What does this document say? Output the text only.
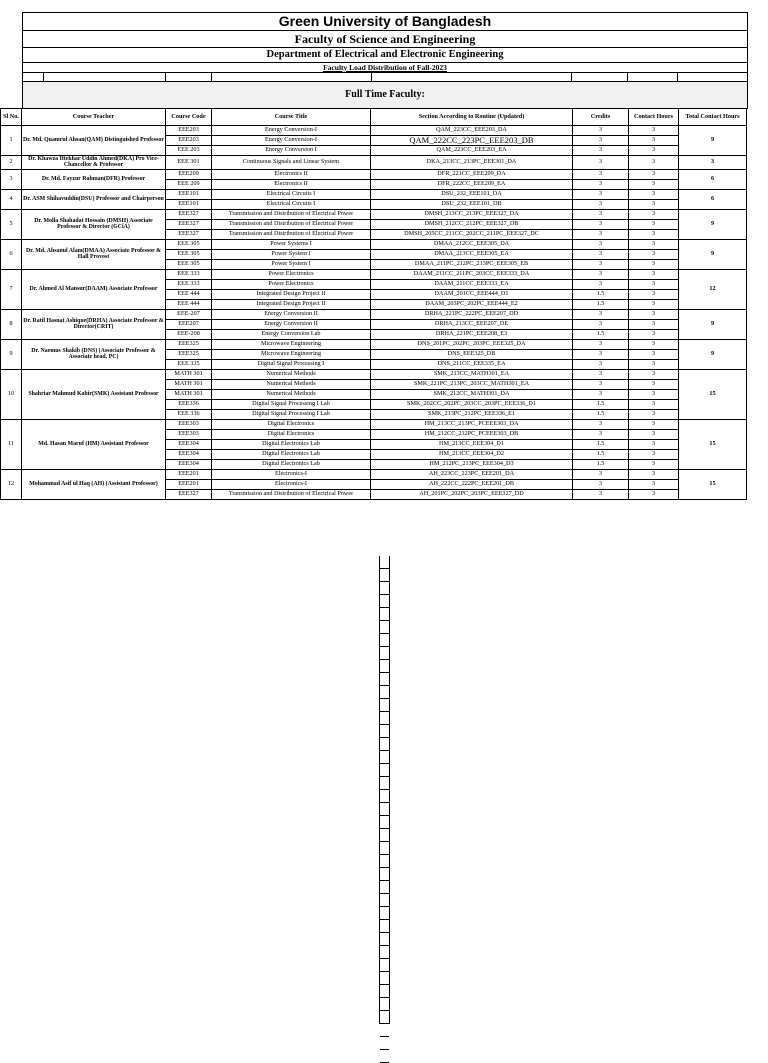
Green University of Bangladesh
Faculty of Science and Engineering
Department of Electrical and Electronic Engineering
Faculty Load Distribution of Fall-2023
Full Time Faculty:
Sl No.	Course Teacher	Course Code	Course Title	Section According to Routine (Updated)	Credits	Contact Hours	Total Contact Hours
1	Dr. Md. Quamrul Ahsan(QAM) Distinguished Professor	EEE203	Energy Conversion-I	QAM_223CC_EEE203_DA	3	3	9
		EEE203	Energy Conversion-I	QAM_222CC_223PC_EEE203_DB	3	3	
		EEE 203	Energy Conversion I	QAM_223CC_EEE203_EA	3	3	
2	Dr. Khawza Iftekhar Uddin Ahmed(DKA) Pro Vice-Chancellor & Professor	EEE 301	Continuous Signals and Linear System	DKA_213CC_213PC_EEE301_DA	3	3	3
3	Dr. Md. Fayzur Rahman(DFR) Professor	EEE209	Electronics II	DFR_221CC_EEE209_DA	3	3	6
		EEE 209	Electronics II	DFR_222CC_EEE209_EA	3	3	
4	Dr. ASM Shihavuddin(DSU) Professor and Chairperson	EEE101	Electrical Circuits I	DSU_232_EEE101_DA	3	3	6
		EEE101	Electrical Circuits I	DSU_232_EEE101_DB	3	3	
5	Dr. Molla Shahadat Hossain (DMSH) Associate Professor & Director (GCiA)	EEE327	Transmission and Distribution of Electrical Power	DMSH_213CC_213PC_EEE327_DA	3	3	9
		EEE327	Transmission and Distribution of Electrical Power	DMSH_212CC_212PC_EEE327_DB	3	3	
		EEE327	Transmission and Distribution of Electrical Power	DMSH_205CC_211CC_202CC_211PC_EEE327_DC	3	3	
6	Dr. Md. Ahsanul Alam(DMAA) Associate Professor & Hall Provost	EEE 305	Power Systems I	DMAA_212CC_EEE305_DA	3	3	9
		EEE 305	Power System I	DMAA_213CC_EEE305_EA	3	3	
		EEE 305	Power System I	DMAA_211PC_212PC_213PC_EEE305_EB	3	3	
7	Dr. Ahmed Al Mansur(DAAM) Associate Professor	EEE 333	Power Electronics	DAAM_211CC_211PC_203CC_EEE333_DA	3	3	12
		EEE 333	Power Electronics	DAAM_211CC_EEE333_EA	3	3	
		EEE 444	Integrated Design Project II	DAAM_201CC_EEE444_D1	1.5	3	
		EEE 444	Integrated Design Project II	DAAM_203PC_202PC_EEE444_E2	1.5	3	
8	Dr. Ratil Hasnat Ashique(DRHA) Associate Professor & Director(CRIT)	EEE-207	Energy Conversion II	DRHA_221PC_222PC_EEE207_DD	3	3	9
		EEE207	Energy Conversion II	DRHA_213CC_EEE207_DE	3	3	
		EEE-208	Energy Conversion Lab	DRHA_221PC_EEE208_E3	1.5	3	
9	Dr. Naemus Shakib (DNS) (Associate Professor & Associate head, PC)	EEE325	Microwave Engineering	DNS_201PC_202PC_203PC_EEE325_DA	3	3	9
		EEE325	Microwave Engineering	DNS_EEE325_DB	3	3	
		EEE 335	Digital Signal Processing I	DNS_211CC_EEE335_EA	3	3	
10	Shahriar Mahmud Kabir(SMK) Assistant Professor	MATH 301	Numerical Methods	SMK_213CC_MATH301_EA	3	3	15
		MATH 301	Numerical Methods	SMK_221PC_213PC_203CC_MATH301_EA	3	3	
		MATH 301	Numerical Methods	SMK_212CC_MATH301_DA	3	3	
		EEE336	Digital Signal Processing I Lab	SMK_202CC_202PC_203CC_203PC_EEE336_D1	1.5	3	
		EEE 336	Digital Signal Processing I Lab	SMK_213PC_212PC_EEE336_E1	1.5	3	
11	Md. Hasan Maruf (HM) Assistant Professor	EEE303	Digital Electronics	HM_213CC_213PC_PCEEE303_DA	3	3	15
		EEE303	Digital Electronics	HM_212CC_212PC_PCEEE303_DB	3	3	
		EEE304	Digital Electronics Lab	HM_213CC_EEE304_D1	1.5	3	
		EEE304	Digital Electronics Lab	HM_213CC_EEE304_D2	1.5	3	
		EEE304	Digital Electronics Lab	HM_212PC_213PC_EEE304_D3	1.5	3	
12	Mohammad Asif ul Haq (AH) (Assistant Professor)	EEE201	Electronics-I	AH_223CC_223PC_EEE201_DA	3	3	15
		EEE201	Electronics-I	AH_222CC_222PC_EEE201_DB	3	3	
		EEE327	Transmission and Distribution of Electrical Power	AH_201PC_202PC_203PC_EEE327_DD	3	3	
